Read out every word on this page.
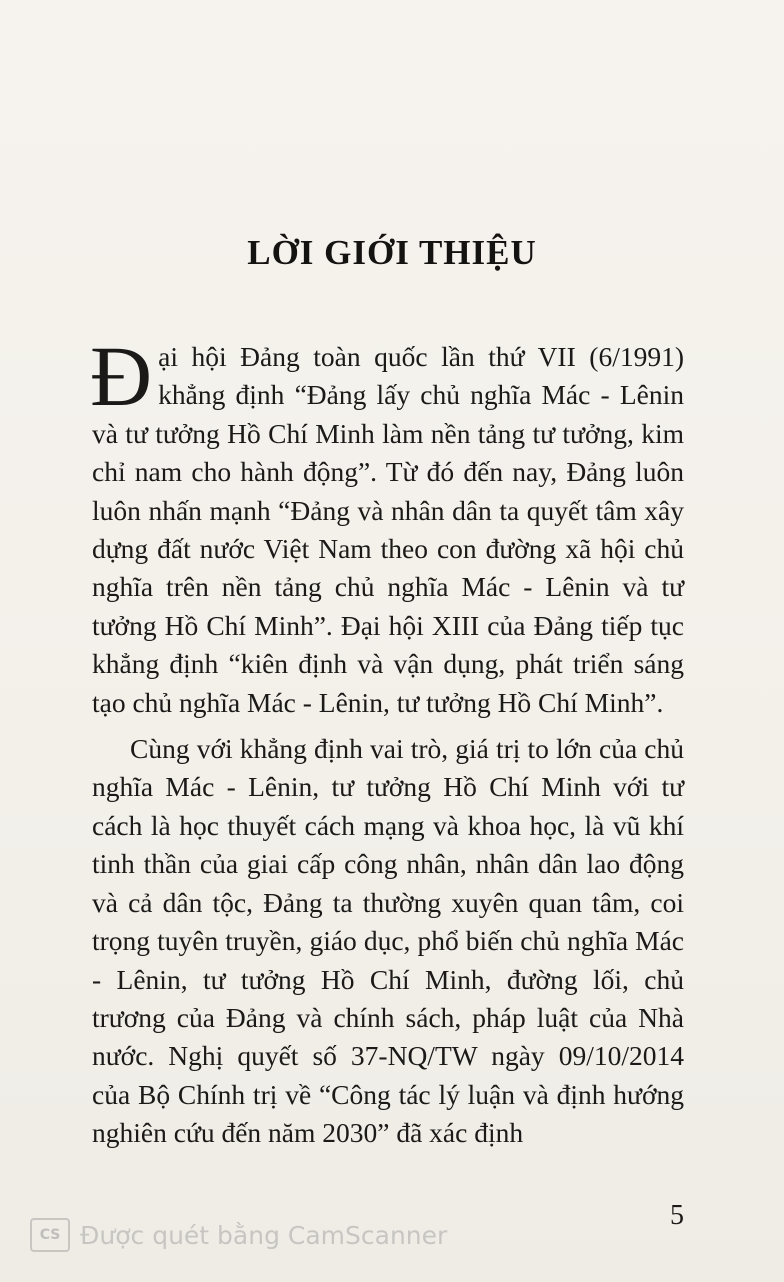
LỜI GIỚI THIỆU

Đại hội Đảng toàn quốc lần thứ VII (6/1991) khẳng định “Đảng lấy chủ nghĩa Mác - Lênin và tư tưởng Hồ Chí Minh làm nền tảng tư tưởng, kim chỉ nam cho hành động”. Từ đó đến nay, Đảng luôn luôn nhấn mạnh “Đảng và nhân dân ta quyết tâm xây dựng đất nước Việt Nam theo con đường xã hội chủ nghĩa trên nền tảng chủ nghĩa Mác - Lênin và tư tưởng Hồ Chí Minh”. Đại hội XIII của Đảng tiếp tục khẳng định “kiên định và vận dụng, phát triển sáng tạo chủ nghĩa Mác - Lênin, tư tưởng Hồ Chí Minh”.

Cùng với khẳng định vai trò, giá trị to lớn của chủ nghĩa Mác - Lênin, tư tưởng Hồ Chí Minh với tư cách là học thuyết cách mạng và khoa học, là vũ khí tinh thần của giai cấp công nhân, nhân dân lao động và cả dân tộc, Đảng ta thường xuyên quan tâm, coi trọng tuyên truyền, giáo dục, phổ biến chủ nghĩa Mác - Lênin, tư tưởng Hồ Chí Minh, đường lối, chủ trương của Đảng và chính sách, pháp luật của Nhà nước. Nghị quyết số 37-NQ/TW ngày 09/10/2014 của Bộ Chính trị về “Công tác lý luận và định hướng nghiên cứu đến năm 2030” đã xác định

5
CS Được quét bằng CamScanner
